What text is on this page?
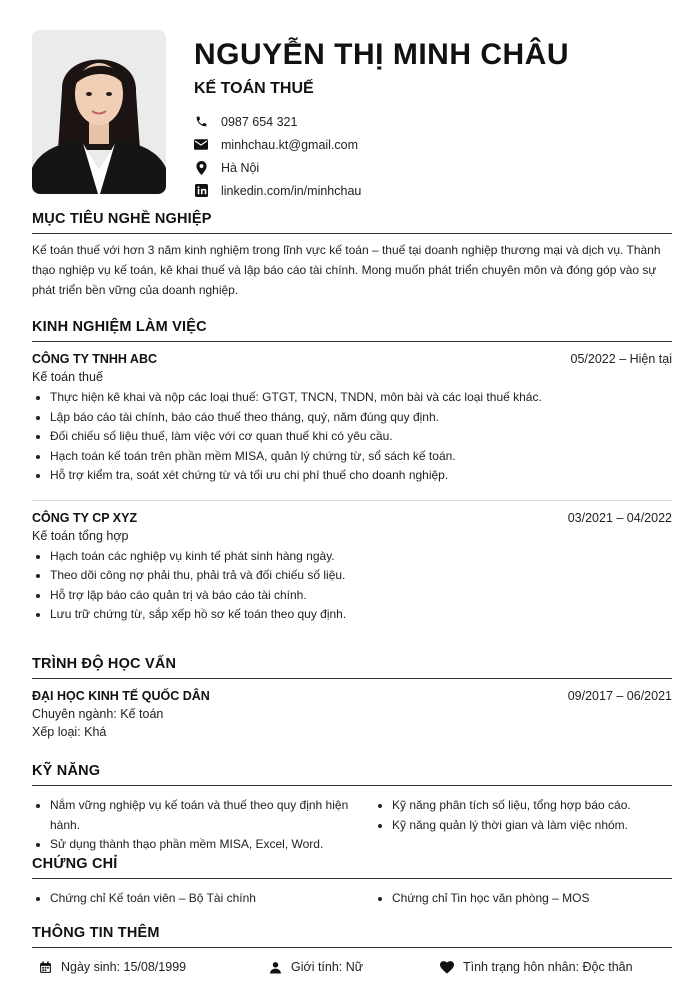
NGUYỄN THỊ MINH CHÂU
KẾ TOÁN THUẾ
0987 654 321
minhchau.kt@gmail.com
Hà Nội
linkedin.com/in/minhchau
MỤC TIÊU NGHỀ NGHIỆP
Kế toán thuế với hơn 3 năm kinh nghiệm trong lĩnh vực kế toán – thuế tại doanh nghiệp thương mại và dịch vụ. Thành thạo nghiệp vụ kế toán, kê khai thuế và lập báo cáo tài chính. Mong muốn phát triển chuyên môn và đóng góp vào sự phát triển bền vững của doanh nghiệp.
KINH NGHIỆM LÀM VIỆC
CÔNG TY TNHH ABC	05/2022 – Hiện tại
Kế toán thuế
Thực hiện kê khai và nộp các loại thuế: GTGT, TNCN, TNDN, môn bài và các loại thuế khác.
Lập báo cáo tài chính, báo cáo thuế theo tháng, quý, năm đúng quy định.
Đối chiếu số liệu thuế, làm việc với cơ quan thuế khi có yêu cầu.
Hạch toán kế toán trên phần mềm MISA, quản lý chứng từ, sổ sách kế toán.
Hỗ trợ kiểm tra, soát xét chứng từ và tối ưu chi phí thuế cho doanh nghiệp.
CÔNG TY CP XYZ	03/2021 – 04/2022
Kế toán tổng hợp
Hạch toán các nghiệp vụ kinh tế phát sinh hàng ngày.
Theo dõi công nợ phải thu, phải trả và đối chiếu số liệu.
Hỗ trợ lập báo cáo quản trị và báo cáo tài chính.
Lưu trữ chứng từ, sắp xếp hồ sơ kế toán theo quy định.
TRÌNH ĐỘ HỌC VẤN
ĐẠI HỌC KINH TẾ QUỐC DÂN	09/2017 – 06/2021
Chuyên ngành: Kế toán
Xếp loại: Khá
KỸ NĂNG
Nắm vững nghiệp vụ kế toán và thuế theo quy định hiện hành.
Sử dụng thành thạo phần mềm MISA, Excel, Word.
Kỹ năng phân tích số liệu, tổng hợp báo cáo.
Kỹ năng quản lý thời gian và làm việc nhóm.
CHỨNG CHỈ
Chứng chỉ Kế toán viên – Bộ Tài chính	Chứng chỉ Tin học văn phòng – MOS
THÔNG TIN THÊM
Ngày sinh: 15/08/1999	Giới tính: Nữ	Tình trạng hôn nhân: Độc thân
